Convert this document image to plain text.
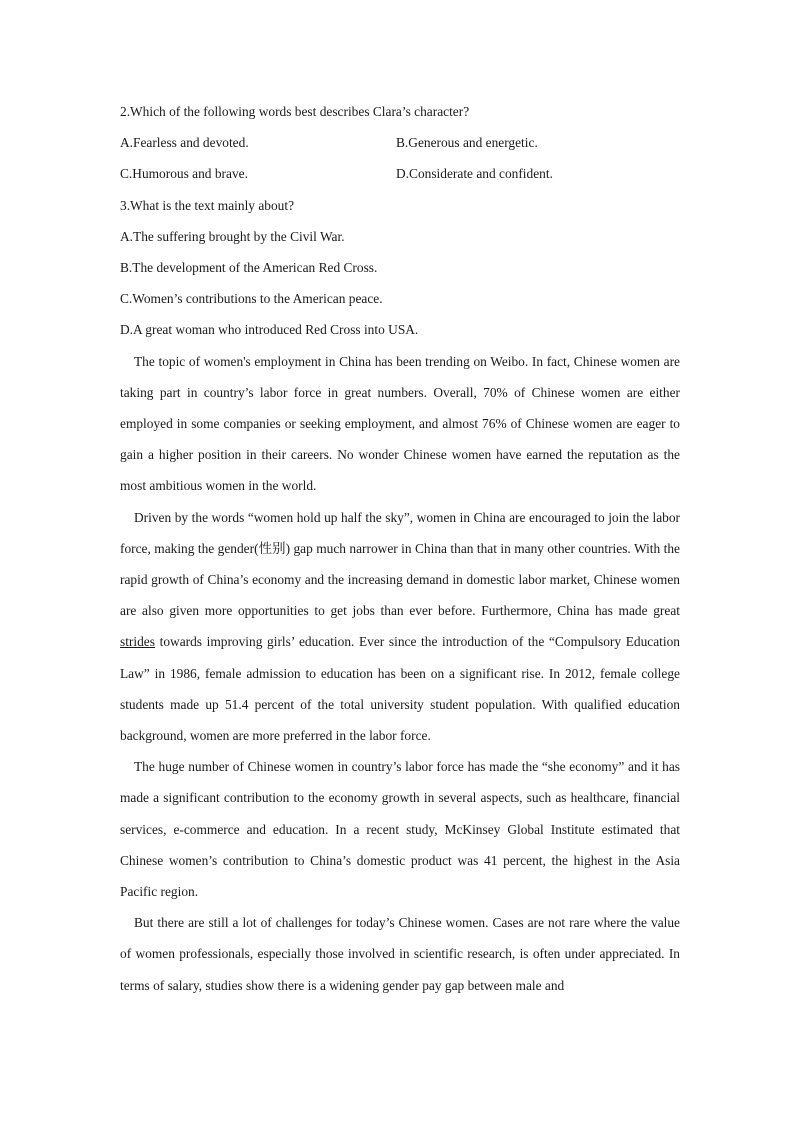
2.Which of the following words best describes Clara’s character?
A.Fearless and devoted.	B.Generous and energetic.
C.Humorous and brave.	D.Considerate and confident.
3.What is the text mainly about?
A.The suffering brought by the Civil War.
B.The development of the American Red Cross.
C.Women’s contributions to the American peace.
D.A great woman who introduced Red Cross into USA.

The topic of women's employment in China has been trending on Weibo. In fact, Chinese women are taking part in country’s labor force in great numbers. Overall, 70% of Chinese women are either employed in some companies or seeking employment, and almost 76% of Chinese women are eager to gain a higher position in their careers. No wonder Chinese women have earned the reputation as the most ambitious women in the world.

Driven by the words “women hold up half the sky”, women in China are encouraged to join the labor force, making the gender(性别) gap much narrower in China than that in many other countries. With the rapid growth of China’s economy and the increasing demand in domestic labor market, Chinese women are also given more opportunities to get jobs than ever before. Furthermore, China has made great strides towards improving girls’ education. Ever since the introduction of the “Compulsory Education Law” in 1986, female admission to education has been on a significant rise. In 2012, female college students made up 51.4 percent of the total university student population. With qualified education background, women are more preferred in the labor force.

The huge number of Chinese women in country’s labor force has made the “she economy” and it has made a significant contribution to the economy growth in several aspects, such as healthcare, financial services, e-commerce and education. In a recent study, McKinsey Global Institute estimated that Chinese women’s contribution to China’s domestic product was 41 percent, the highest in the Asia Pacific region.

But there are still a lot of challenges for today’s Chinese women. Cases are not rare where the value of women professionals, especially those involved in scientific research, is often under appreciated. In terms of salary, studies show there is a widening gender pay gap between male and
